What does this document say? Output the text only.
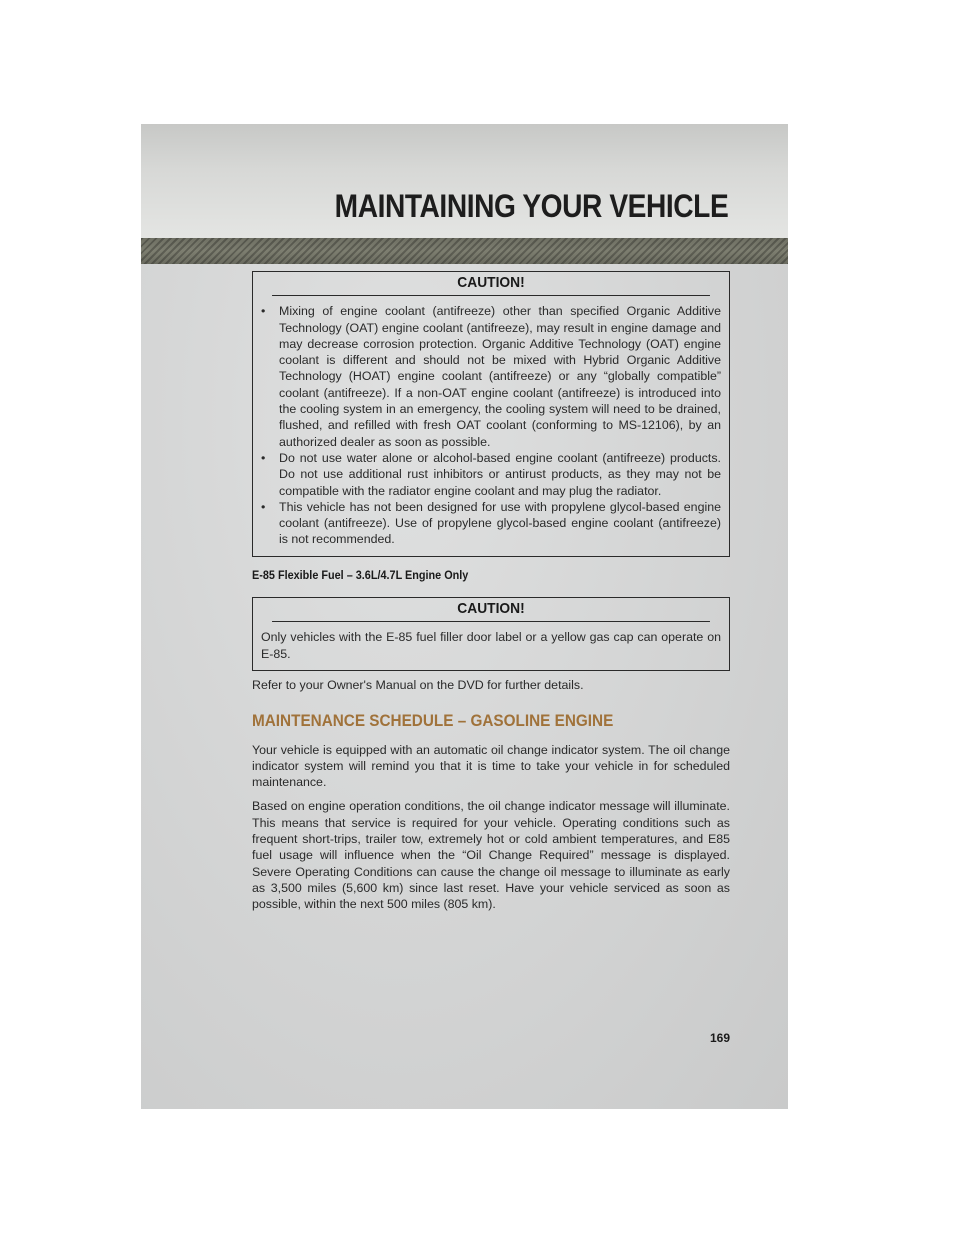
MAINTAINING YOUR VEHICLE
CAUTION!
• Mixing of engine coolant (antifreeze) other than specified Organic Additive Technology (OAT) engine coolant (antifreeze), may result in engine damage and may decrease corrosion protection. Organic Additive Technology (OAT) engine coolant is different and should not be mixed with Hybrid Organic Additive Technology (HOAT) engine coolant (antifreeze) or any “globally compatible” coolant (antifreeze). If a non-OAT engine coolant (antifreeze) is introduced into the cooling system in an emergency, the cooling system will need to be drained, flushed, and refilled with fresh OAT coolant (conforming to MS-12106), by an authorized dealer as soon as possible.
• Do not use water alone or alcohol-based engine coolant (antifreeze) products. Do not use additional rust inhibitors or antirust products, as they may not be compatible with the radiator engine coolant and may plug the radiator.
• This vehicle has not been designed for use with propylene glycol-based engine coolant (antifreeze). Use of propylene glycol-based engine coolant (antifreeze) is not recommended.
E-85 Flexible Fuel – 3.6L/4.7L Engine Only
CAUTION!

Only vehicles with the E-85 fuel filler door label or a yellow gas cap can operate on E-85.

Refer to your Owner's Manual on the DVD for further details.

MAINTENANCE SCHEDULE – GASOLINE ENGINE

Your vehicle is equipped with an automatic oil change indicator system. The oil change indicator system will remind you that it is time to take your vehicle in for scheduled maintenance.

Based on engine operation conditions, the oil change indicator message will illuminate. This means that service is required for your vehicle. Operating conditions such as frequent short-trips, trailer tow, extremely hot or cold ambient temperatures, and E85 fuel usage will influence when the “Oil Change Required” message is displayed. Severe Operating Conditions can cause the change oil message to illuminate as early as 3,500 miles (5,600 km) since last reset. Have your vehicle serviced as soon as possible, within the next 500 miles (805 km).

169
